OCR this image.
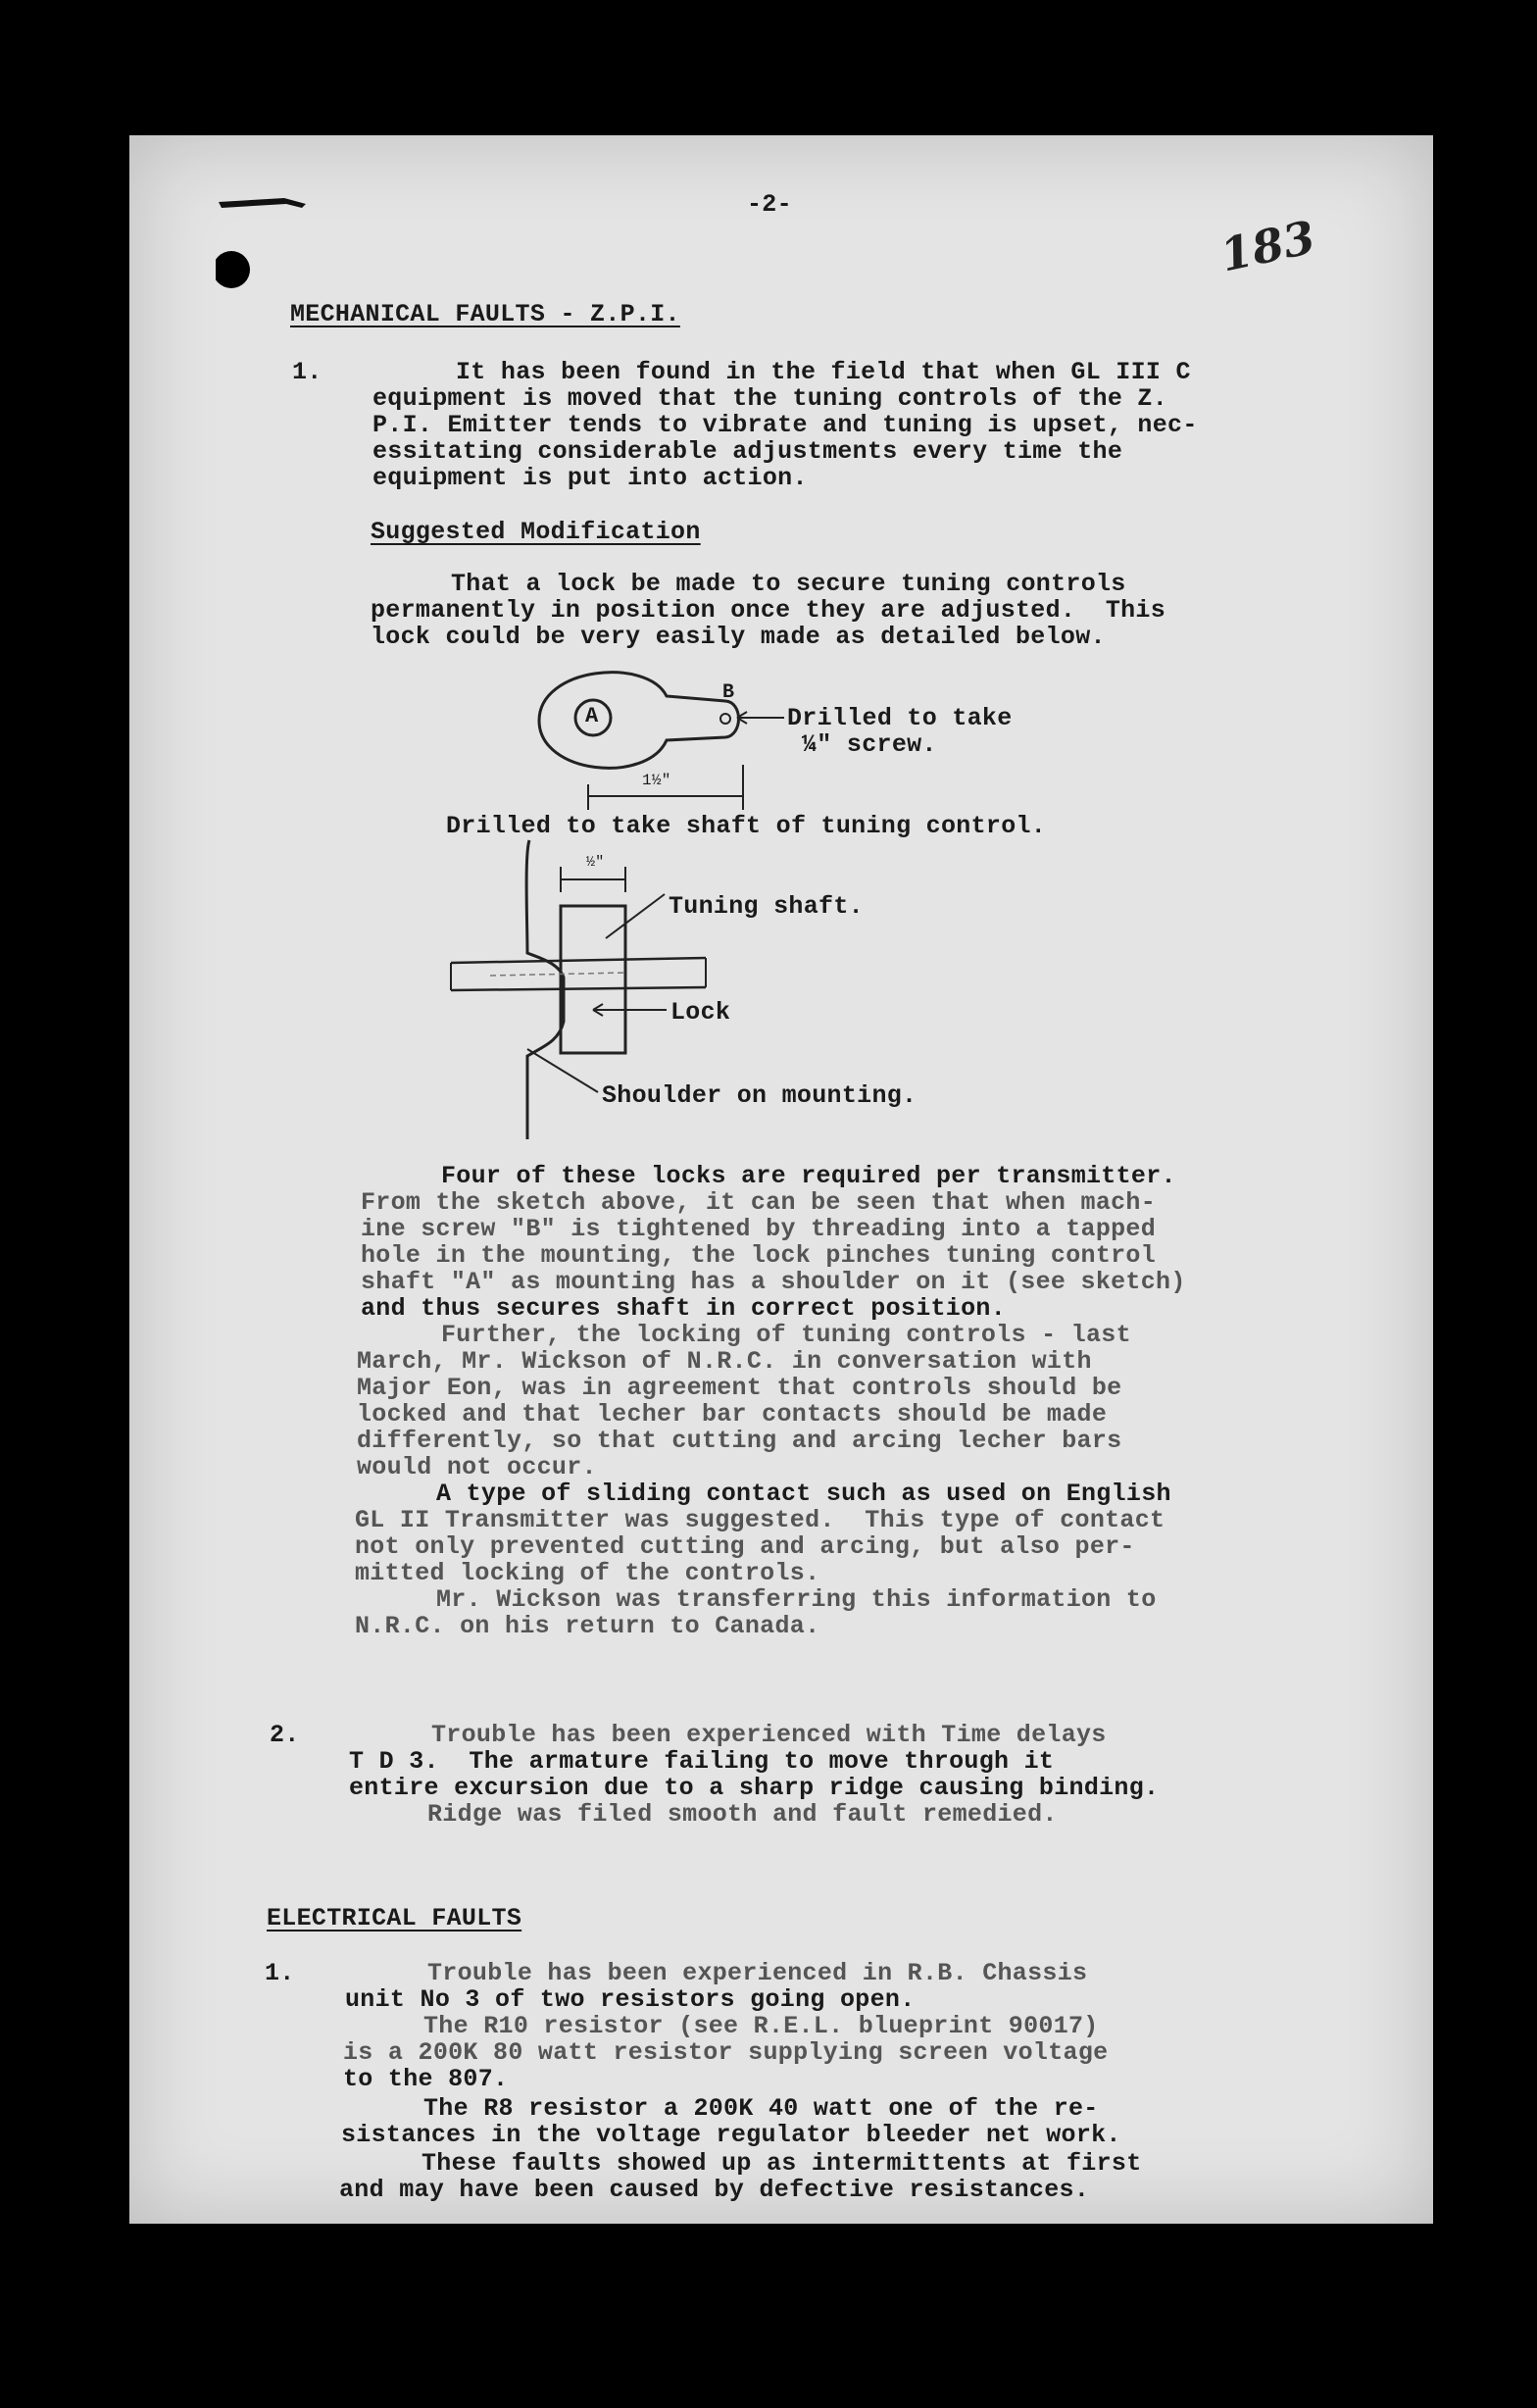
-2-
183
MECHANICAL FAULTS - Z.P.I.
1.	It has been found in the field that when GL III C
equipment is moved that the tuning controls of the Z.
P.I. Emitter tends to vibrate and tuning is upset, nec-
essitating considerable adjustments every time the
equipment is put into action.
Suggested Modification
That a lock be made to secure tuning controls
permanently in position once they are adjusted.  This
lock could be very easily made as detailed below.
A
B
1½"
Drilled to take
¼" screw.
Drilled to take shaft of tuning control.
½"
Tuning shaft.
Lock
Shoulder on mounting.
Four of these locks are required per transmitter.
From the sketch above, it can be seen that when mach-
ine screw "B" is tightened by threading into a tapped
hole in the mounting, the lock pinches tuning control
shaft "A" as mounting has a shoulder on it (see sketch)
and thus secures shaft in correct position.
Further, the locking of tuning controls - last
March, Mr. Wickson of N.R.C. in conversation with
Major Eon, was in agreement that controls should be
locked and that lecher bar contacts should be made
differently, so that cutting and arcing lecher bars
would not occur.
A type of sliding contact such as used on English
GL II Transmitter was suggested.  This type of contact
not only prevented cutting and arcing, but also per-
mitted locking of the controls.
Mr. Wickson was transferring this information to
N.R.C. on his return to Canada.
2.	Trouble has been experienced with Time delays
T D 3.  The armature failing to move through it
entire excursion due to a sharp ridge causing binding.
Ridge was filed smooth and fault remedied.
ELECTRICAL FAULTS
1.	Trouble has been experienced in R.B. Chassis
unit No 3 of two resistors going open.
The R10 resistor (see R.E.L. blueprint 90017)
is a 200K 80 watt resistor supplying screen voltage
to the 807.
The R8 resistor a 200K 40 watt one of the re-
sistances in the voltage regulator bleeder net work.
These faults showed up as intermittents at first
and may have been caused by defective resistances.
